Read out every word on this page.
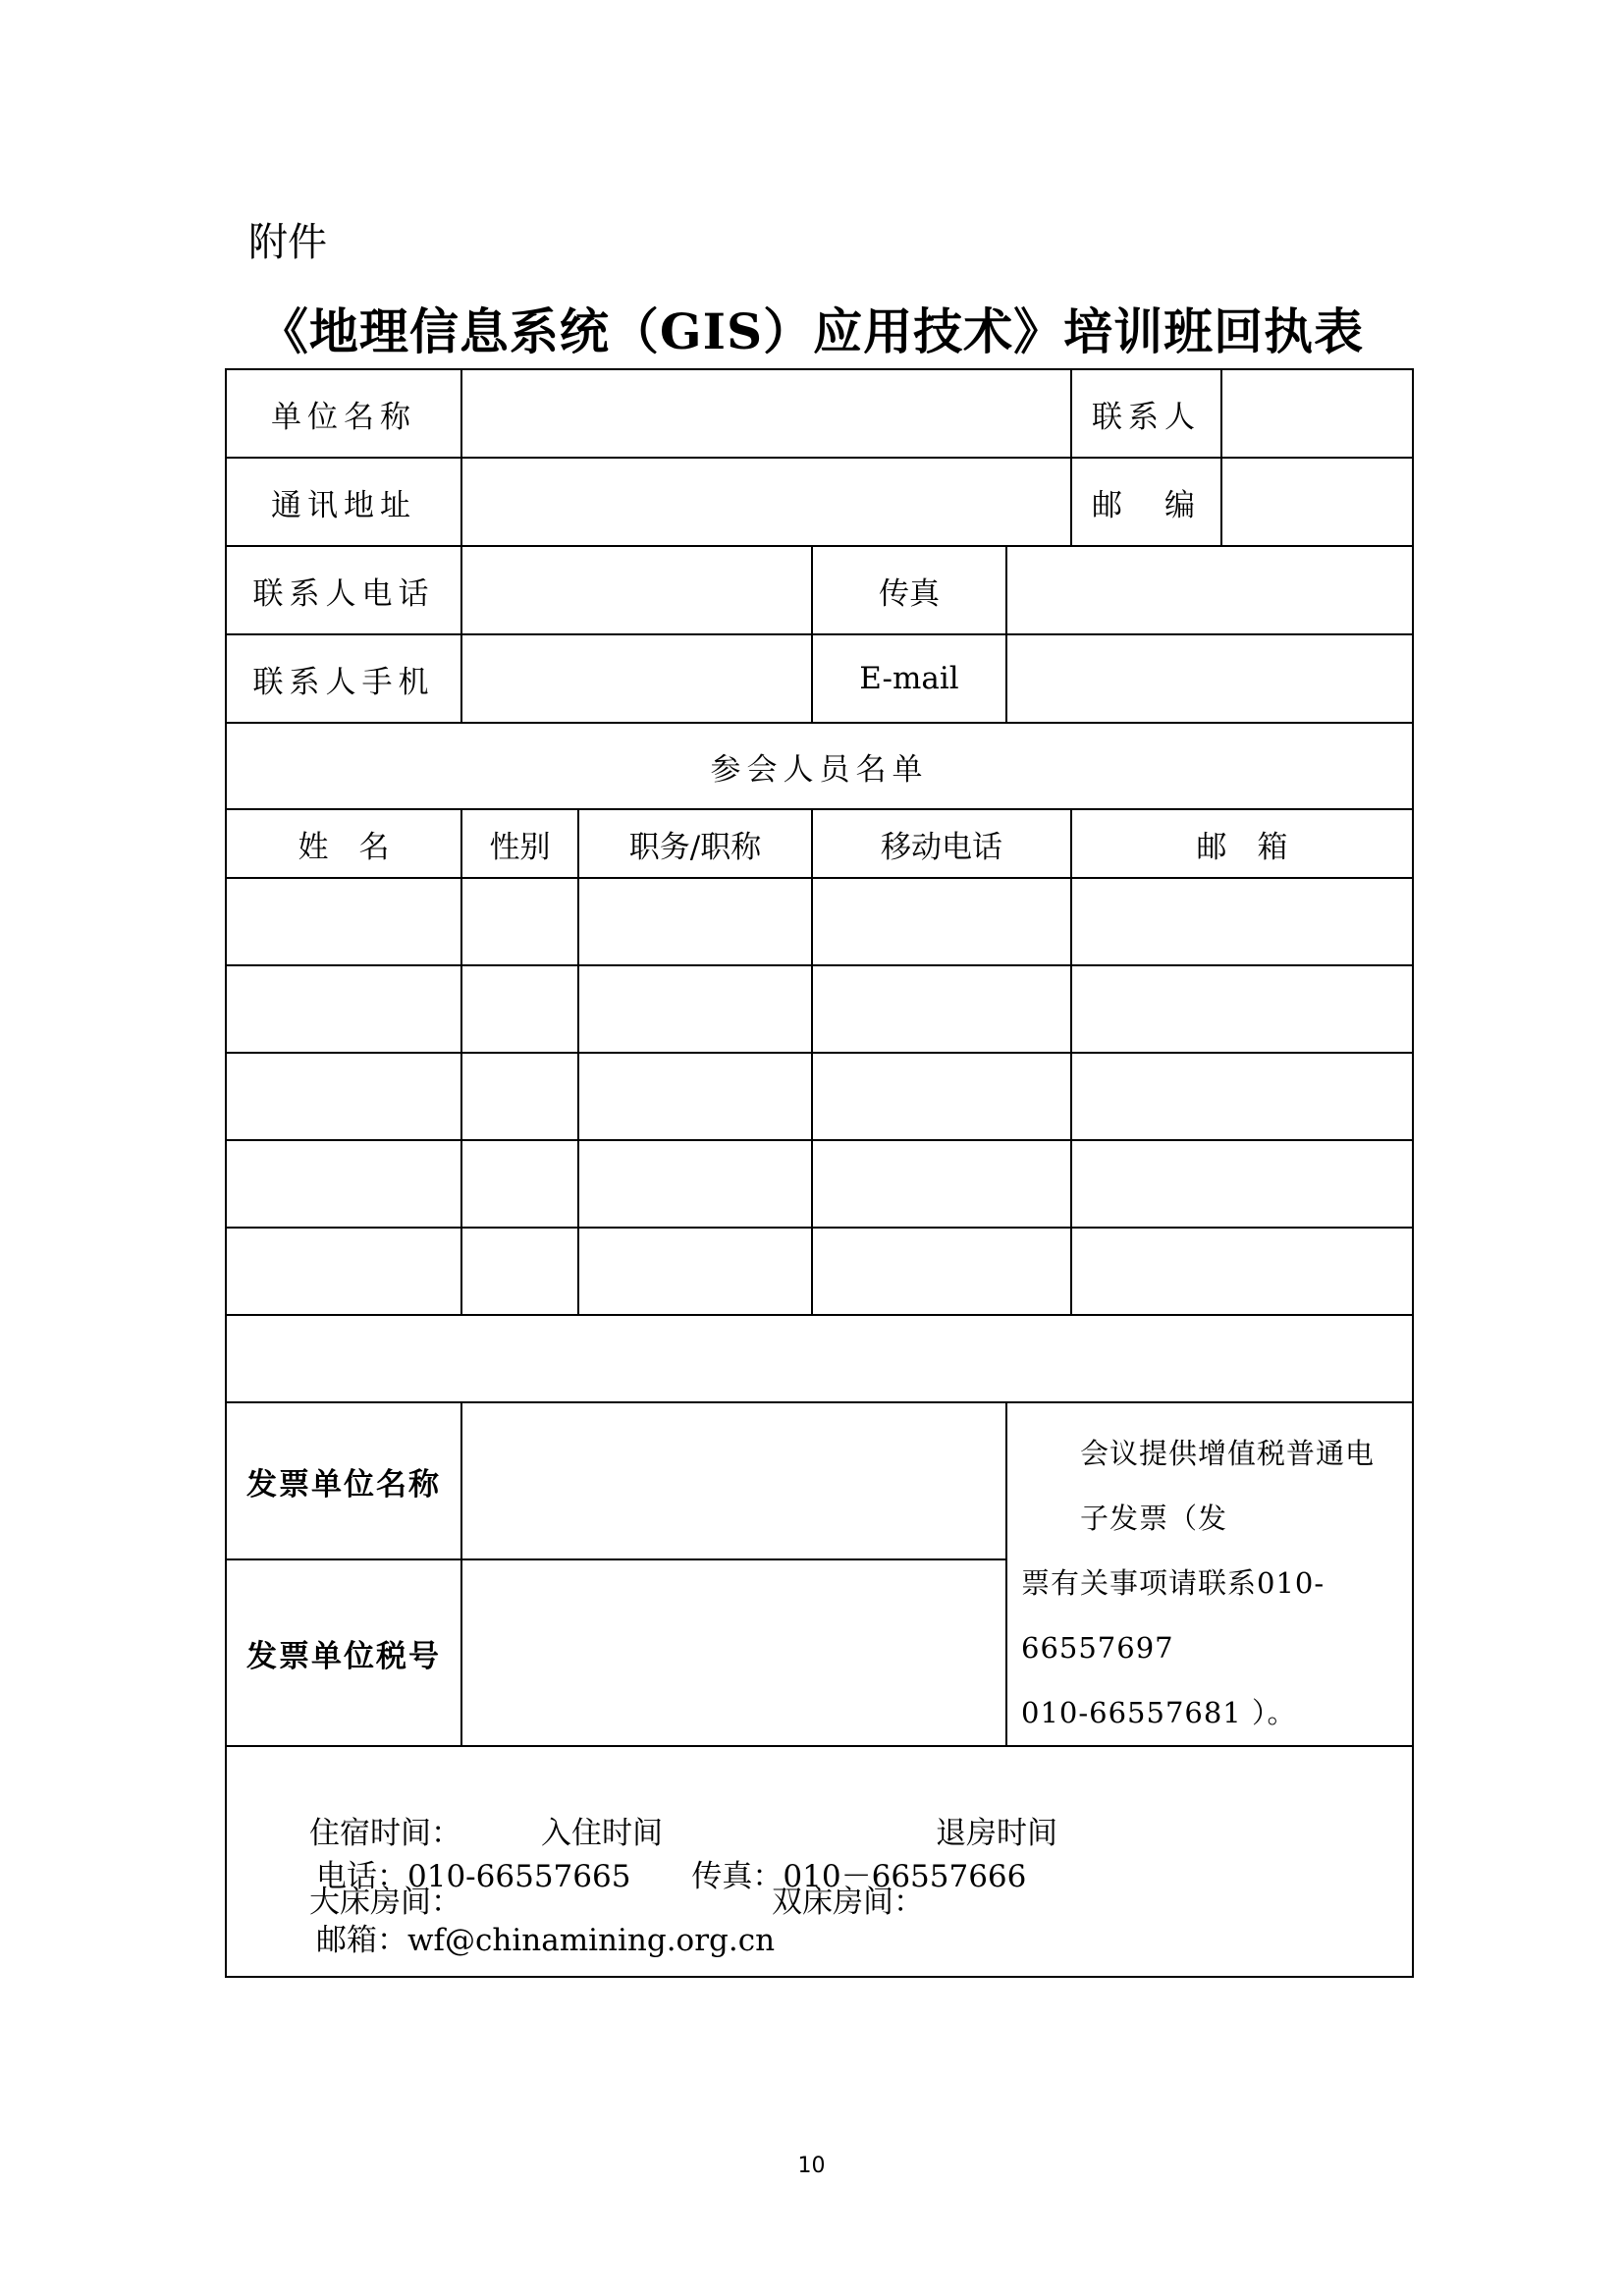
附件
《地理信息系统（GIS）应用技术》培训班回执表
单位名称					联系人	
通讯地址					邮　编	
联系人电话			传真			
联系人手机			E-mail			
参会人员名单						
姓　名	性别	职务/职称	移动电话		邮　箱	

发票单位名称				会议提供增值税普通电子发票（发
票有关事项请联系010-66557697
010-66557681 ）。		

发票单位税号						

住宿时间： 入住时间 退房时间
大床房间： 双床房间：						
电话：010-66557665　　传真：010－66557666
邮箱：wf@chinamining.org.cn
10
